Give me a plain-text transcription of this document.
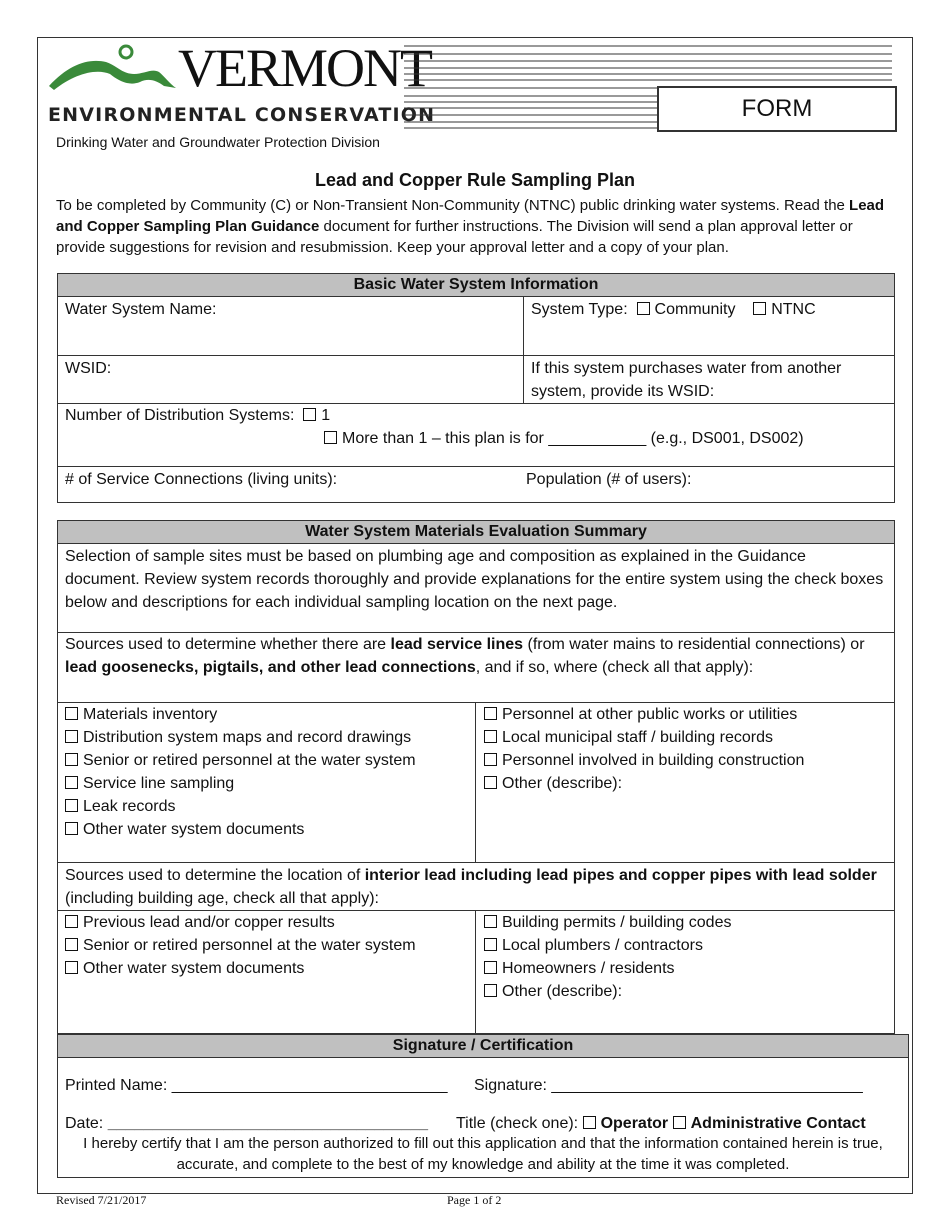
VERMONT
ENVIRONMENTAL CONSERVATION
Drinking Water and Groundwater Protection Division
FORM
Lead and Copper Rule Sampling Plan
To be completed by Community (C) or Non-Transient Non-Community (NTNC) public drinking water systems. Read the Lead and Copper Sampling Plan Guidance document for further instructions. The Division will send a plan approval letter or provide suggestions for revision and resubmission. Keep your approval letter and a copy of your plan.
Basic Water System Information
Water System Name:	System Type: Community NTNC
WSID:	If this system purchases water from another
system, provide its WSID:
Number of Distribution Systems: 1
More than 1 – this plan is for ___________ (e.g., DS001, DS002)
# of Service Connections (living units):	Population (# of users):
Water System Materials Evaluation Summary
Selection of sample sites must be based on plumbing age and composition as explained in the Guidance document. Review system records thoroughly and provide explanations for the entire system using the check boxes below and descriptions for each individual sampling location on the next page.
Sources used to determine whether there are lead service lines (from water mains to residential connections) or lead goosenecks, pigtails, and other lead connections, and if so, where (check all that apply):
Materials inventory
Distribution system maps and record drawings
Senior or retired personnel at the water system
Service line sampling
Leak records
Other water system documents
Personnel at other public works or utilities
Local municipal staff / building records
Personnel involved in building construction
Other (describe):
Sources used to determine the location of interior lead including lead pipes and copper pipes with lead solder (including building age, check all that apply):
Previous lead and/or copper results
Senior or retired personnel at the water system
Other water system documents
Building permits / building codes
Local plumbers / contractors
Homeowners / residents
Other (describe):
Signature / Certification
Printed Name: _______________________________ Signature: ___________________________________
Date: ____________________________________ Title (check one): Operator Administrative Contact
I hereby certify that I am the person authorized to fill out this application and that the information contained herein is true, accurate, and complete to the best of my knowledge and ability at the time it was completed.
Revised 7/21/2017	Page 1 of 2
